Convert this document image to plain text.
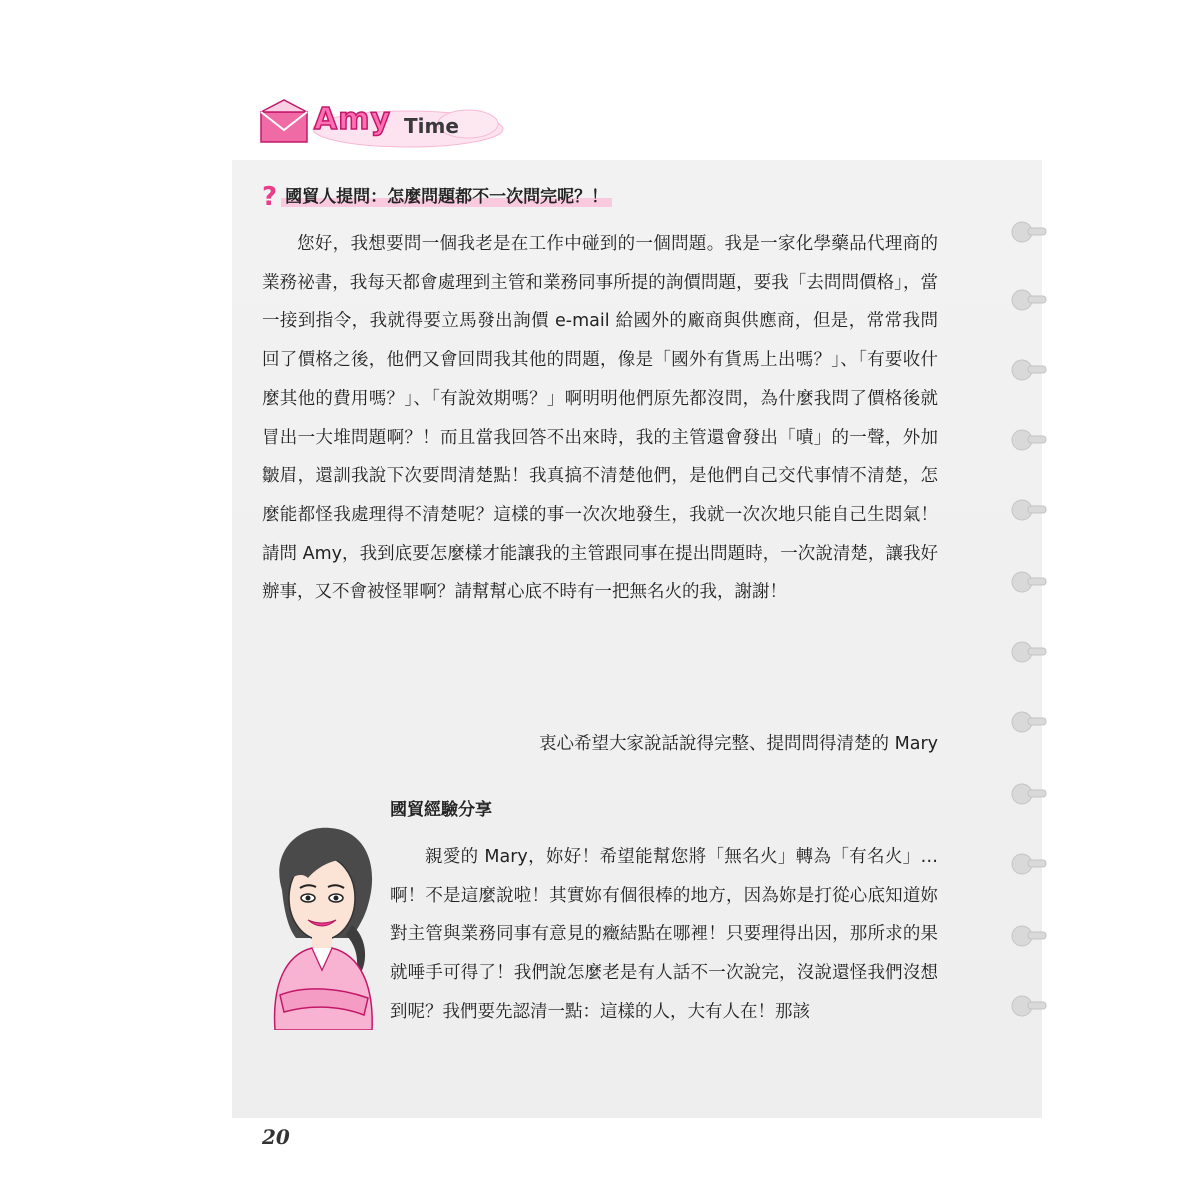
Amy Time
? 國貿人提問：怎麼問題都不一次問完呢？！

您好，我想要問一個我老是在工作中碰到的一個問題。我是一家化學藥品代理商的業務祕書，我每天都會處理到主管和業務同事所提的詢價問題，要我「去問問價格」，當一接到指令，我就得要立馬發出詢價 e-mail 給國外的廠商與供應商，但是，常常我問回了價格之後，他們又會回問我其他的問題，像是「國外有貨馬上出嗎？」、「有要收什麼其他的費用嗎？」、「有說效期嗎？」啊明明他們原先都沒問，為什麼我問了價格後就冒出一大堆問題啊？！而且當我回答不出來時，我的主管還會發出「嘖」的一聲，外加皺眉，還訓我說下次要問清楚點！我真搞不清楚他們，是他們自己交代事情不清楚，怎麼能都怪我處理得不清楚呢？這樣的事一次次地發生，我就一次次地只能自己生悶氣！請問 Amy，我到底要怎麼樣才能讓我的主管跟同事在提出問題時，一次說清楚，讓我好辦事，又不會被怪罪啊？請幫幫心底不時有一把無名火的我，謝謝！

衷心希望大家說話說得完整、提問問得清楚的 Mary
國貿經驗分享

親愛的 Mary，妳好！希望能幫您將「無名火」轉為「有名火」…啊！不是這麼說啦！其實妳有個很棒的地方，因為妳是打從心底知道妳對主管與業務同事有意見的癥結點在哪裡！只要理得出因，那所求的果就唾手可得了！我們說怎麼老是有人話不一次說完，沒說還怪我們沒想到呢？我們要先認清一點：這樣的人，大有人在！那該

20
